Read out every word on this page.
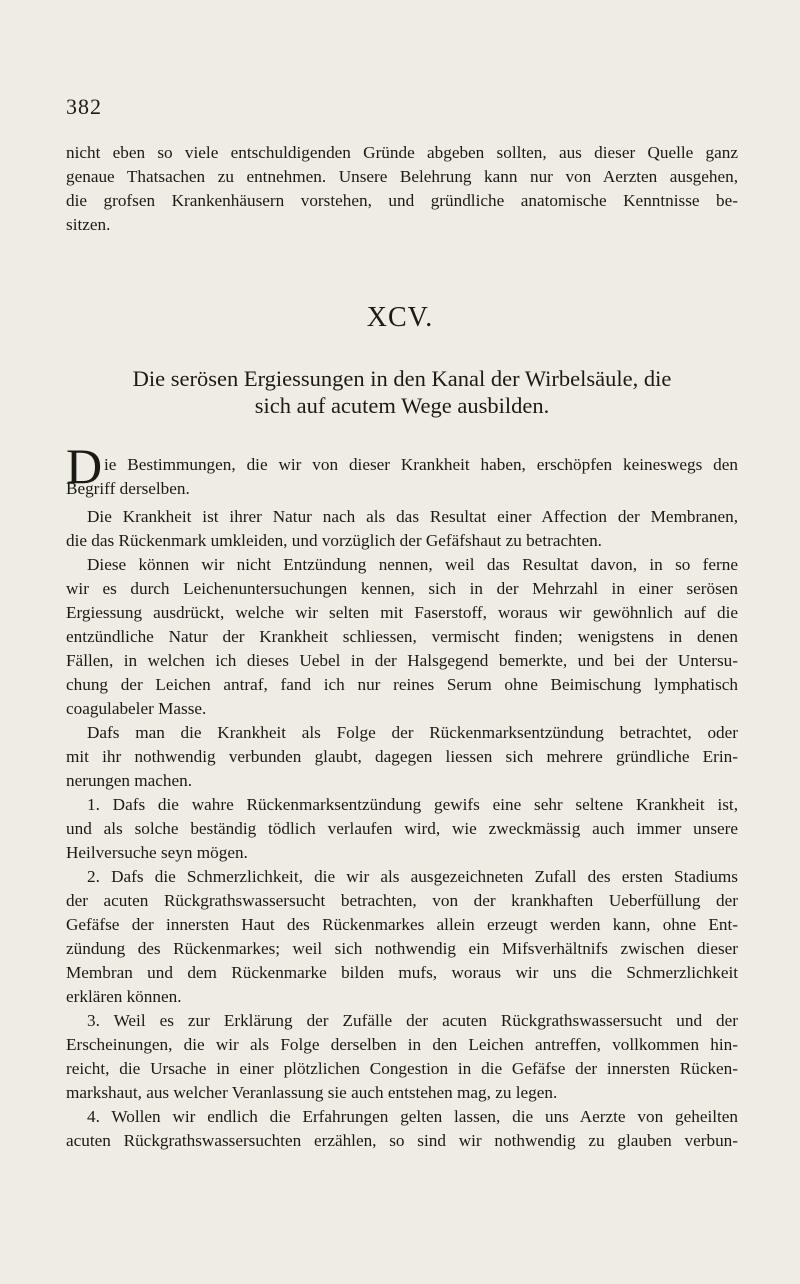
382
nicht eben so viele entschuldigenden Gründe abgeben sollten, aus dieser Quelle ganz
genaue Thatsachen zu entnehmen. Unsere Belehrung kann nur von Aerzten ausgehen,
die grofsen Krankenhäusern vorstehen, und gründliche anatomische Kenntnisse be-
sitzen.
XCV.
Die serösen Ergiessungen in den Kanal der Wirbelsäule, die
sich auf acutem Wege ausbilden.
D ie Bestimmungen, die wir von dieser Krankheit haben, erschöpfen keineswegs den
Begriff derselben.
Die Krankheit ist ihrer Natur nach als das Resultat einer Affection der Membranen,
die das Rückenmark umkleiden, und vorzüglich der Gefäfshaut zu betrachten.
Diese können wir nicht Entzündung nennen, weil das Resultat davon, in so ferne
wir es durch Leichenuntersuchungen kennen, sich in der Mehrzahl in einer serösen
Ergiessung ausdrückt, welche wir selten mit Faserstoff, woraus wir gewöhnlich auf die
entzündliche Natur der Krankheit schliessen, vermischt finden; wenigstens in denen
Fällen, in welchen ich dieses Uebel in der Halsgegend bemerkte, und bei der Untersu-
chung der Leichen antraf, fand ich nur reines Serum ohne Beimischung lymphatisch
coagulabeler Masse.
Dafs man die Krankheit als Folge der Rückenmarksentzündung betrachtet, oder
mit ihr nothwendig verbunden glaubt, dagegen liessen sich mehrere gründliche Erin-
nerungen machen.
1. Dafs die wahre Rückenmarksentzündung gewifs eine sehr seltene Krankheit ist,
und als solche beständig tödlich verlaufen wird, wie zweckmässig auch immer unsere
Heilversuche seyn mögen.
2. Dafs die Schmerzlichkeit, die wir als ausgezeichneten Zufall des ersten Stadiums
der acuten Rückgrathswassersucht betrachten, von der krankhaften Ueberfüllung der
Gefäfse der innersten Haut des Rückenmarkes allein erzeugt werden kann, ohne Ent-
zündung des Rückenmarkes; weil sich nothwendig ein Mifsverhältnifs zwischen dieser
Membran und dem Rückenmarke bilden mufs, woraus wir uns die Schmerzlichkeit
erklären können.
3. Weil es zur Erklärung der Zufälle der acuten Rückgrathswassersucht und der
Erscheinungen, die wir als Folge derselben in den Leichen antreffen, vollkommen hin-
reicht, die Ursache in einer plötzlichen Congestion in die Gefäfse der innersten Rücken-
markshaut, aus welcher Veranlassung sie auch entstehen mag, zu legen.
4. Wollen wir endlich die Erfahrungen gelten lassen, die uns Aerzte von geheilten
acuten Rückgrathswassersuchten erzählen, so sind wir nothwendig zu glauben verbun-
